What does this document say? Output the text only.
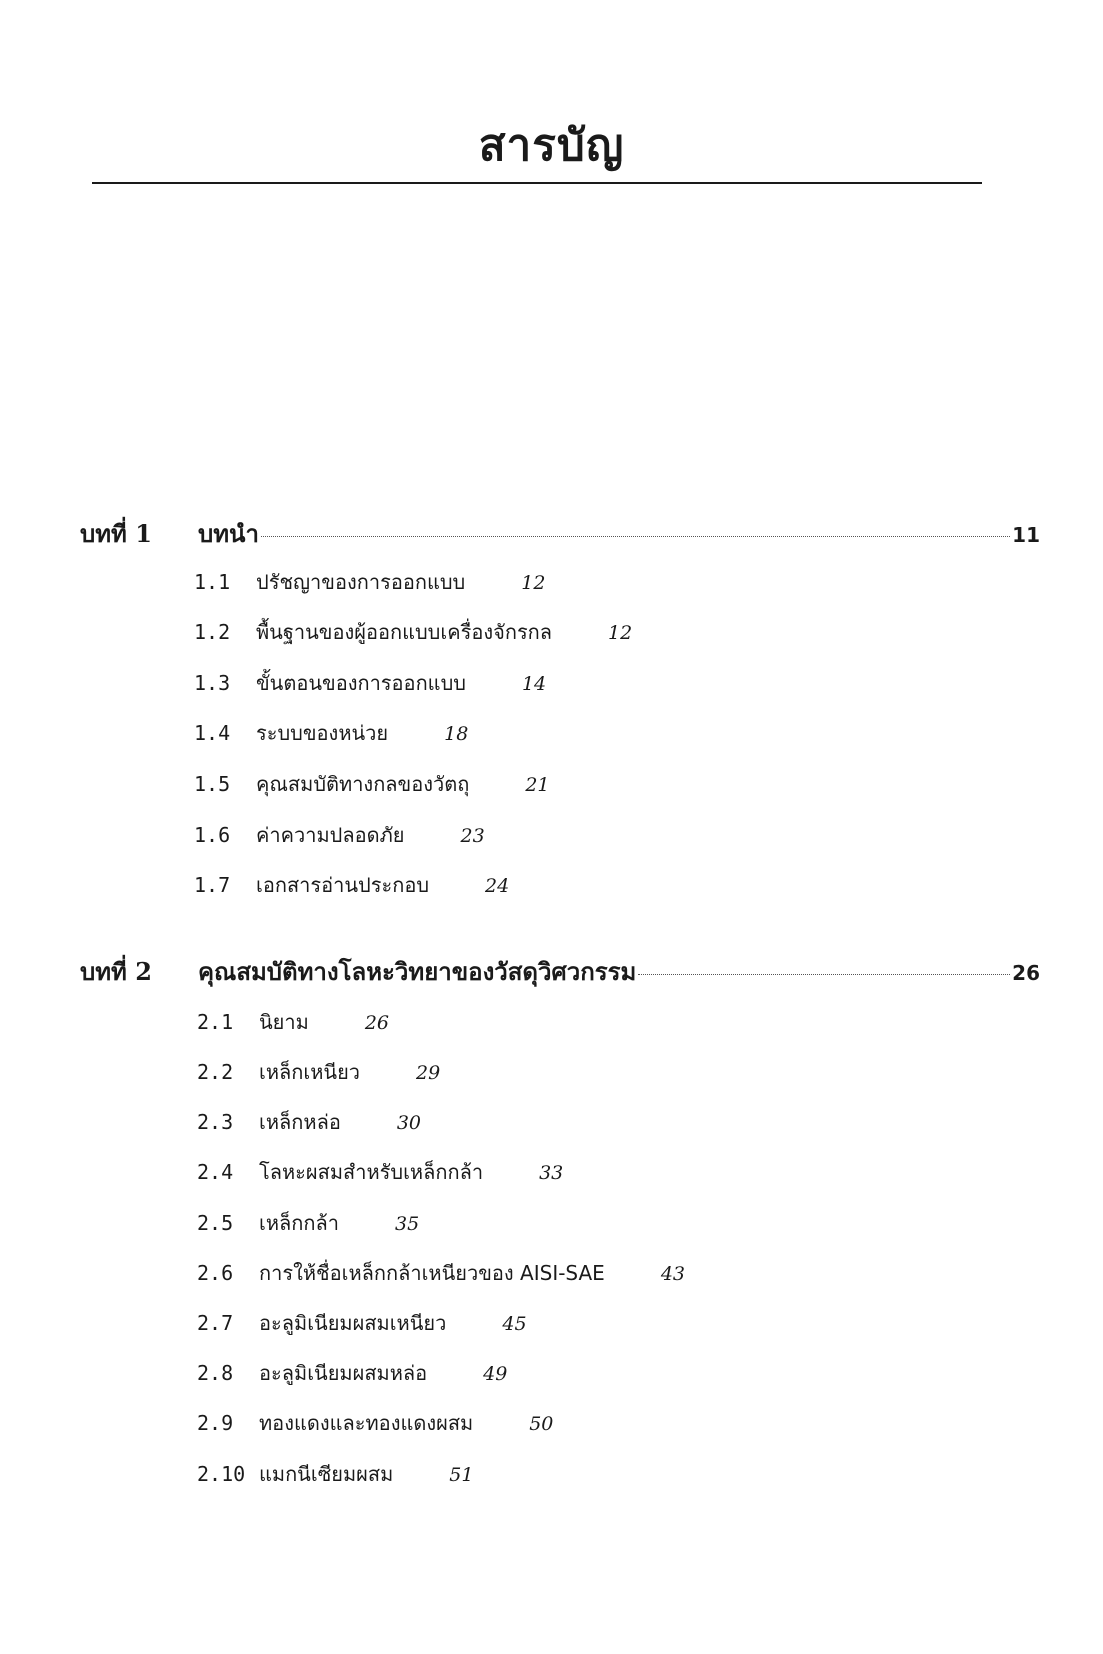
สารบัญ
บทที่ 1	บทนำ	11
1.1	ปรัชญาของการออกแบบ	12
1.2	พื้นฐานของผู้ออกแบบเครื่องจักรกล	12
1.3	ขั้นตอนของการออกแบบ	14
1.4	ระบบของหน่วย	18
1.5	คุณสมบัติทางกลของวัตถุ	21
1.6	ค่าความปลอดภัย	23
1.7	เอกสารอ่านประกอบ	24
บทที่ 2	คุณสมบัติทางโลหะวิทยาของวัสดุวิศวกรรม	26
2.1	นิยาม	26
2.2	เหล็กเหนียว	29
2.3	เหล็กหล่อ	30
2.4	โลหะผสมสำหรับเหล็กกล้า	33
2.5	เหล็กกล้า	35
2.6	การให้ชื่อเหล็กกล้าเหนียวของ AISI-SAE	43
2.7	อะลูมิเนียมผสมเหนียว	45
2.8	อะลูมิเนียมผสมหล่อ	49
2.9	ทองแดงและทองแดงผสม	50
2.10 แมกนีเซียมผสม	51
